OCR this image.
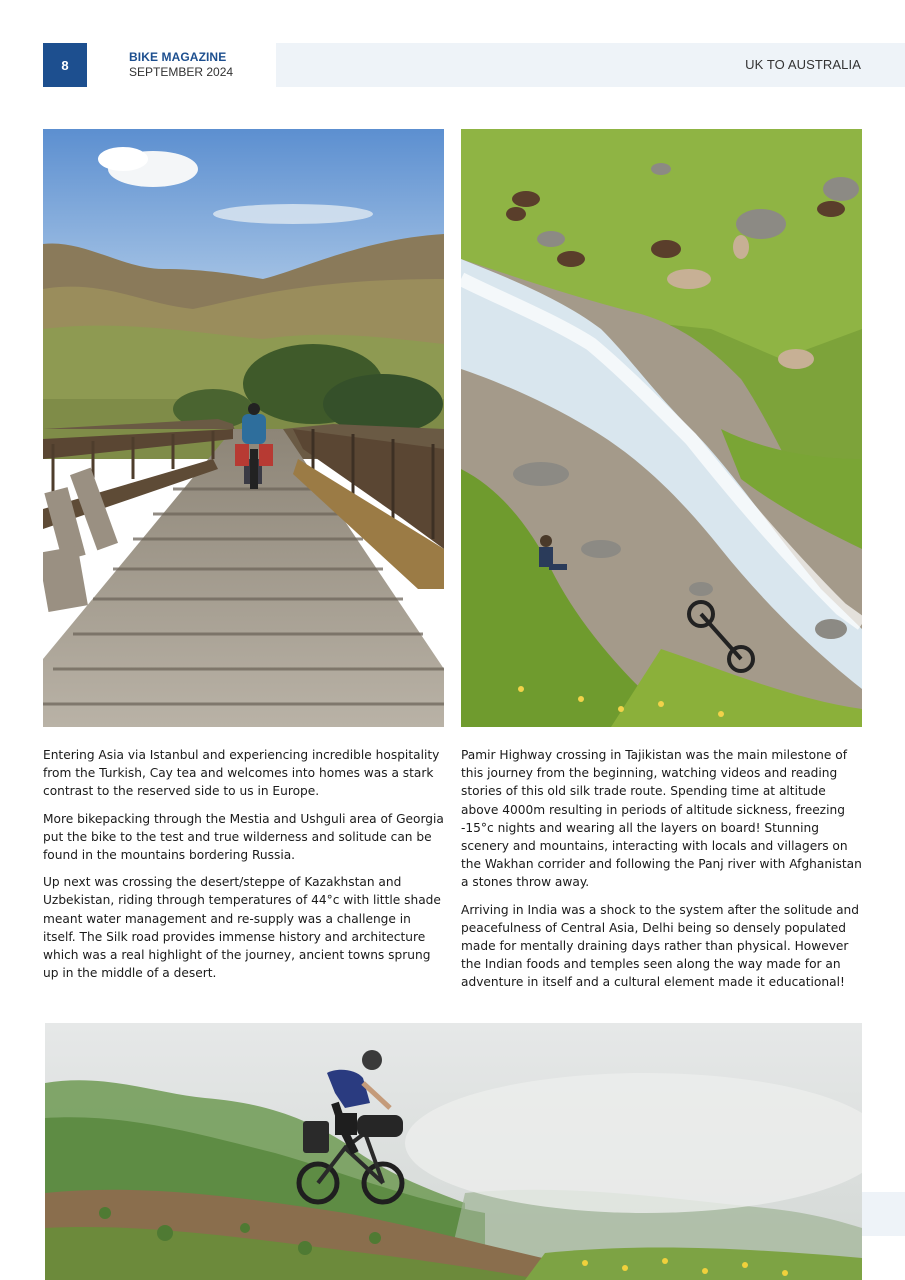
8
BIKE MAGAZINE
SEPTEMBER 2024	UK TO AUSTRALIA

Entering Asia via Istanbul and experiencing incredible hospitality from the Turkish, Cay tea and welcomes into homes was a stark contrast to the reserved side to us in Europe.

More bikepacking through the Mestia and Ushguli area of Georgia put the bike to the test and true wilderness and solitude can be found in the mountains bordering Russia.

Up next was crossing the desert/steppe of Kazakhstan and Uzbekistan, riding through temperatures of 44°c with little shade meant water management and re-supply was a challenge in itself. The Silk road provides immense history and architecture which was a real highlight of the journey, ancient towns sprung up in the middle of a desert.

Pamir Highway crossing in Tajikistan was the main milestone of this journey from the beginning, watching videos and reading stories of this old silk trade route. Spending time at altitude above 4000m resulting in periods of altitude sickness, freezing -15°c nights and wearing all the layers on board! Stunning scenery and mountains, interacting with locals and villagers on the Wakhan corrider and following the Panj river with Afghanistan a stones throw away.

Arriving in India was a shock to the system after the solitude and peacefulness of Central Asia, Delhi being so densely populated made for mentally draining days rather than physical. However the Indian foods and temples seen along the way made for an adventure in itself and a cultural element made it educational!
